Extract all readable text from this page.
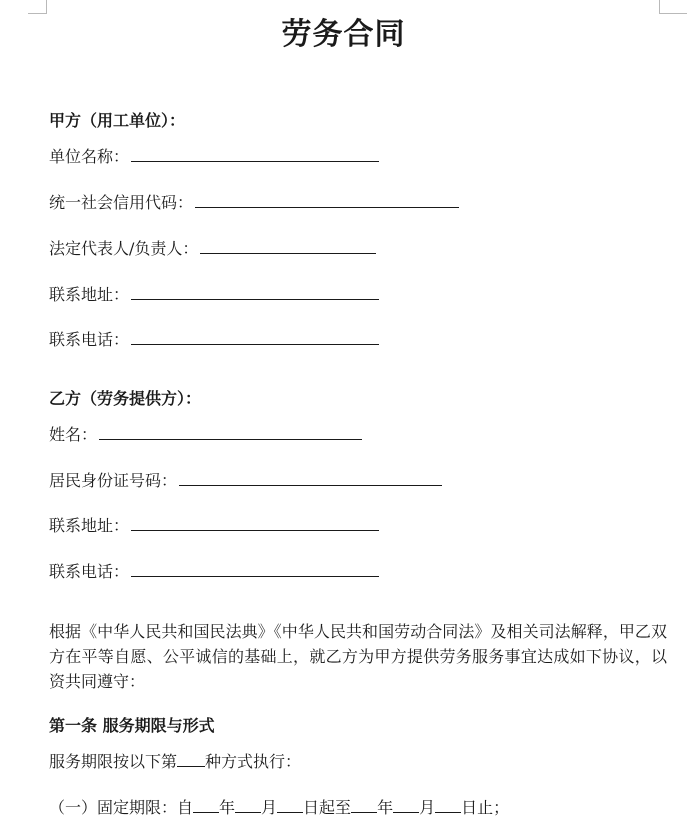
劳务合同
甲方（用工单位）：
单位名称：
统一社会信用代码：
法定代表人/负责人：
联系地址：
联系电话：
乙方（劳务提供方）：
姓名：
居民身份证号码：
联系地址：
联系电话：
根据《中华人民共和国民法典》《中华人民共和国劳动合同法》及相关司法解释，甲乙双方在平等自愿、公平诚信的基础上，就乙方为甲方提供劳务服务事宜达成如下协议，以资共同遵守：
第一条 服务期限与形式
服务期限按以下第 种方式执行：
（一）固定期限：自 年 月 日起至 年 月 日止；
